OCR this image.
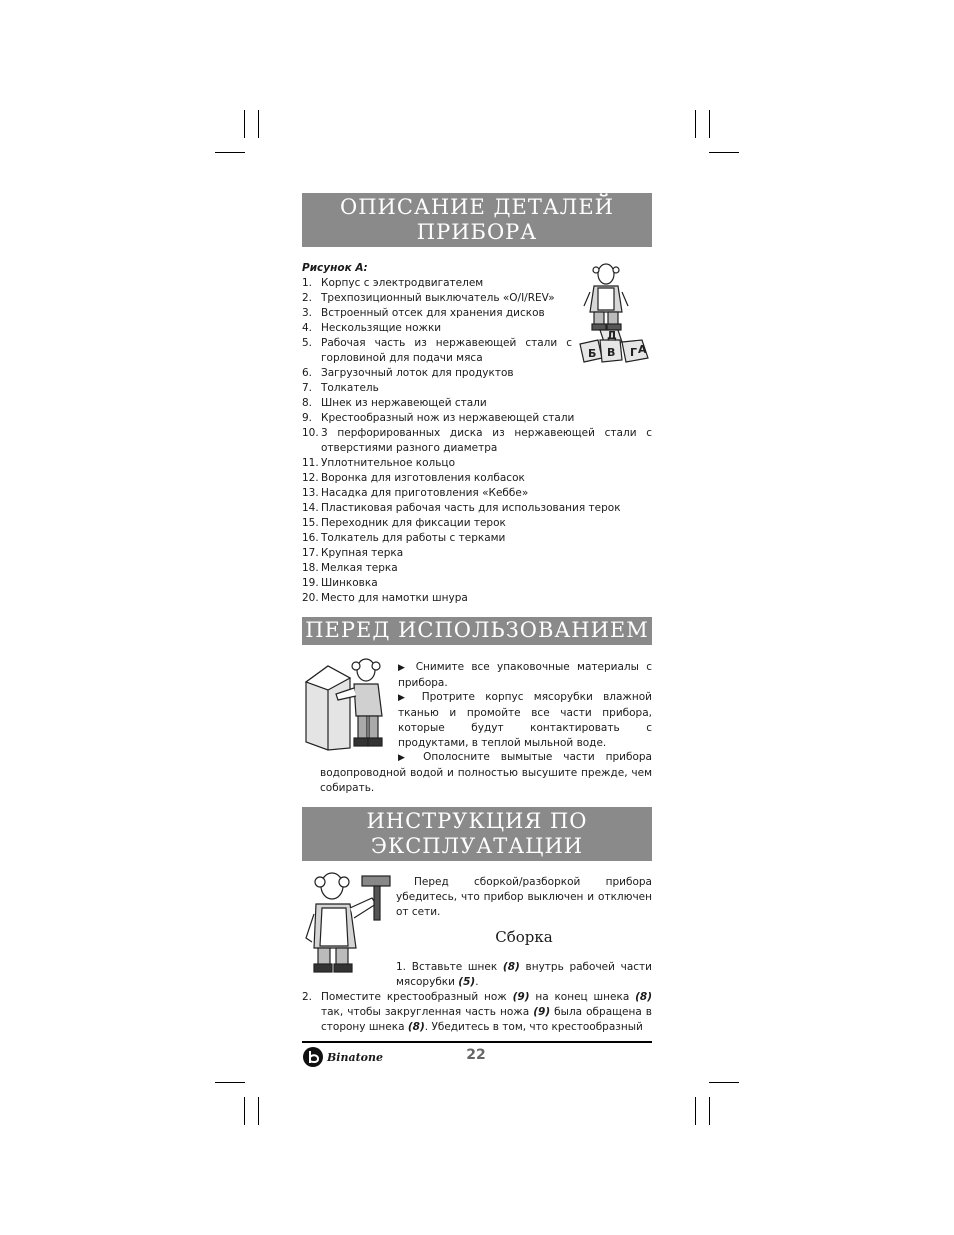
ОПИСАНИЕ ДЕТАЛЕЙ
ПРИБОРА
Рисунок А:
Б В Г А
Д
1. Корпус с электродвигателем
2. Трехпозиционный выключатель «O/I/REV»
3. Встроенный отсек для хранения дисков
4. Нескользящие ножки
5. Рабочая часть из нержавеющей стали с горловиной для подачи мяса
6. Загрузочный лоток для продуктов
7. Толкатель
8. Шнек из нержавеющей стали
9. Крестообразный нож из нержавеющей стали
10. 3 перфорированных диска из нержавеющей стали с отверстиями разного диаметра
11. Уплотнительное кольцо
12. Воронка для изготовления колбасок
13. Насадка для приготовления «Кеббе»
14. Пластиковая рабочая часть для использования терок
15. Переходник для фиксации терок
16. Толкатель для работы с терками
17. Крупная терка
18. Мелкая терка
19. Шинковка
20. Место для намотки шнура
ПЕРЕД ИСПОЛЬЗОВАНИЕМ
▶ Снимите все упаковочные материалы с прибора.
▶ Протрите корпус мясорубки влажной тканью и промойте все части прибора, которые будут контактировать с продуктами, в теплой мыльной воде.
▶ Ополосните вымытые части прибора водопроводной водой и полностью высушите прежде, чем собирать.
ИНСТРУКЦИЯ ПО
ЭКСПЛУАТАЦИИ
Перед сборкой/разборкой прибора убедитесь, что прибор выключен и отключен от сети.
Сборка
1. Вставьте шнек (8) внутрь рабочей части мясорубки (5).
2. Поместите крестообразный нож (9) на конец шнека (8) так, чтобы закругленная часть ножа (9) была обращена в сторону шнека (8). Убедитесь в том, что крестообразный
Binatone	22
